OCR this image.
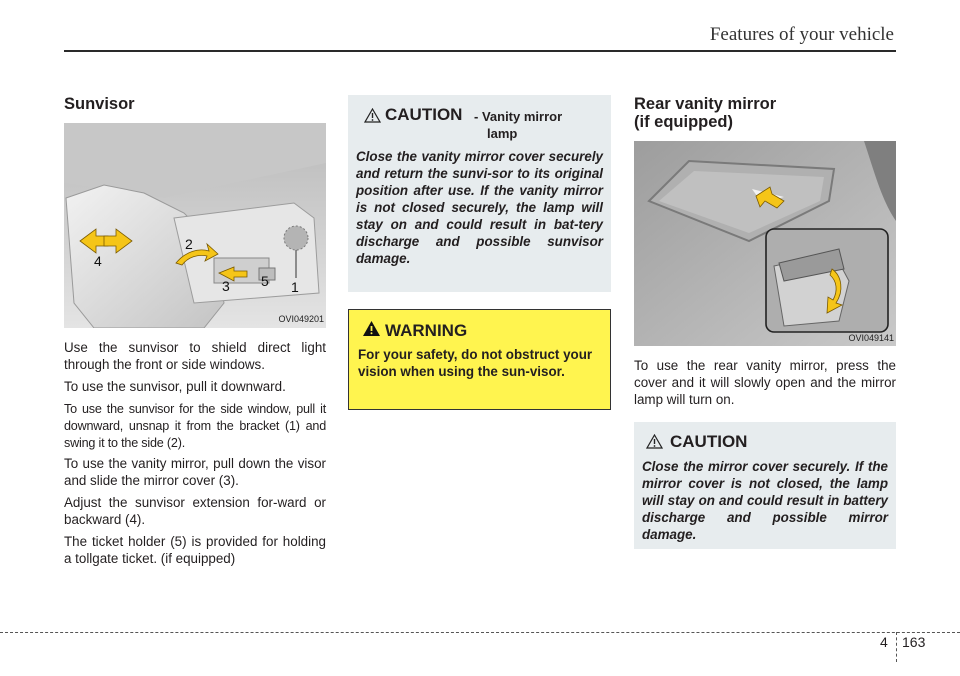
Features of your vehicle
Sunvisor
1
2
3
4
5
OVI049201
Use the sunvisor to shield direct light through the front or side windows.
To use the sunvisor, pull it downward.
To use the sunvisor for the side window, pull it downward, unsnap it from the bracket (1) and swing it to the side (2).
To use the vanity mirror, pull down the visor and slide the mirror cover (3).
Adjust the sunvisor extension for-ward or backward (4).
The ticket holder (5) is provided for holding a tollgate ticket. (if equipped)
CAUTION - Vanity mirror
lamp
Close the vanity mirror cover securely and return the sunvi-sor to its original position after use. If the vanity mirror is not closed securely, the lamp will stay on and could result in bat-tery discharge and possible sunvisor damage.
WARNING
For your safety, do not obstruct your vision when using the sun-visor.
Rear vanity mirror
(if equipped)
OVI049141
To use the rear vanity mirror, press the cover and it will slowly open and the mirror lamp will turn on.
CAUTION
Close the mirror cover securely. If the mirror cover is not closed, the lamp will stay on and could result in battery discharge and possible mirror damage.
4 163
